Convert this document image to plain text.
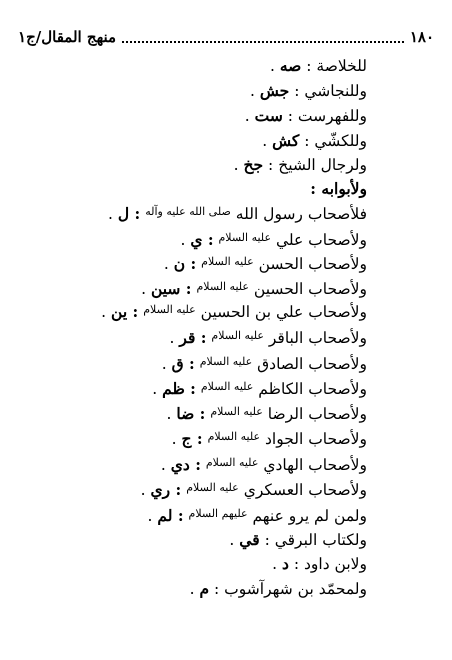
١٨٠
منهج المقال/ج١
للخلاصة : صه .
وللنجاشي : جش .
وللفهرست : ست .
وللكشّي : كش .
ولرجال الشيخ : جخ .
ولأبوابه :
فلأصحاب رسول الله $^{صلى الله عليه وآله}$ : ل .
ولأصحاب علي $^{عليه السلام}$ : ي .
ولأصحاب الحسن $^{عليه السلام}$ : ن .
ولأصحاب الحسين $^{عليه السلام}$ : سين .
ولأصحاب علي بن الحسين $^{عليه السلام}$ : ين .
ولأصحاب الباقر $^{عليه السلام}$ : قر .
ولأصحاب الصادق $^{عليه السلام}$ : ق .
ولأصحاب الكاظم $^{عليه السلام}$ : ظم .
ولأصحاب الرضا $^{عليه السلام}$ : ضا .
ولأصحاب الجواد $^{عليه السلام}$ : ج .
ولأصحاب الهادي $^{عليه السلام}$ : دي .
ولأصحاب العسكري $^{عليه السلام}$ : ري .
ولمن لم يرو عنهم $^{عليهم السلام}$ : لم .
ولكتاب البرقي : قي .
ولابن داود : د .
ولمحمّد بن شهرآشوب : م .
